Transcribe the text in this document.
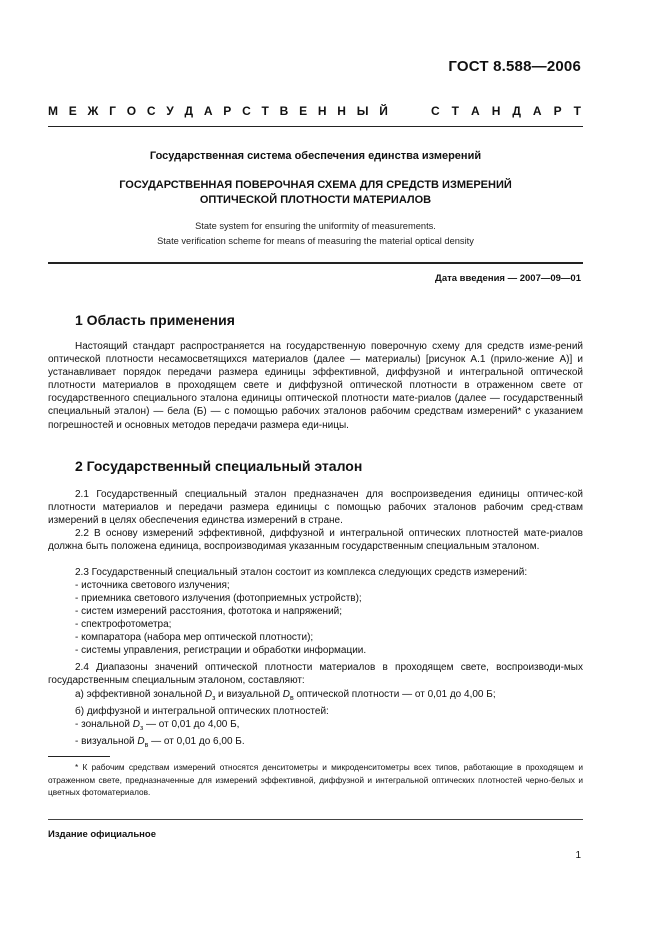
ГОСТ 8.588—2006
М Е Ж Г О С У Д А Р С Т В Е Н Н Ы Й	С Т А Н Д А Р Т
Государственная система обеспечения единства измерений
ГОСУДАРСТВЕННАЯ ПОВЕРОЧНАЯ СХЕМА ДЛЯ СРЕДСТВ ИЗМЕРЕНИЙ
ОПТИЧЕСКОЙ ПЛОТНОСТИ МАТЕРИАЛОВ
State system for ensuring the uniformity of measurements.
State verification scheme for means of measuring the material optical density
Дата введения — 2007—09—01
1 Область применения
Настоящий стандарт распространяется на государственную поверочную схему для средств изме-рений оптической плотности несамосветящихся материалов (далее — материалы) [рисунок А.1 (прило-жение А)] и устанавливает порядок передачи размера единицы эффективной, диффузной и интегральной оптической плотности материалов в проходящем свете и диффузной оптической плотности в отраженном свете от государственного специального эталона единицы оптической плотности мате-риалов (далее — государственный специальный эталон) — бела (Б) — с помощью рабочих эталонов рабочим средствам измерений* с указанием погрешностей и основных методов передачи размера еди-ницы.
2 Государственный специальный эталон
2.1 Государственный специальный эталон предназначен для воспроизведения единицы оптичес-кой плотности материалов и передачи размера единицы с помощью рабочих эталонов рабочим сред-ствам измерений в целях обеспечения единства измерений в стране.
2.2 В основу измерений эффективной, диффузной и интегральной оптических плотностей мате-риалов должна быть положена единица, воспроизводимая указанным государственным специальным эталоном.
2.3 Государственный специальный эталон состоит из комплекса следующих средств измерений:
- источника светового излучения;
- приемника светового излучения (фотоприемных устройств);
- систем измерений расстояния, фототока и напряжений;
- спектрофотометра;
- компаратора (набора мер оптической плотности);
- системы управления, регистрации и обработки информации.
2.4 Диапазоны значений оптической плотности материалов в проходящем свете, воспроизводи-мых государственным специальным эталоном, составляют:
а) эффективной зональной $D_з$ и визуальной $D_в$ оптической плотности — от 0,01 до 4,00 Б;
б) диффузной и интегральной оптических плотностей:
- зональной $D_з$ — от 0,01 до 4,00 Б,
- визуальной $D_в$ — от 0,01 до 6,00 Б.
* К рабочим средствам измерений относятся денситометры и микроденситометры всех типов, работающие в проходящем и отраженном свете, предназначенные для измерений эффективной, диффузной и интегральной оптических плотностей черно-белых и цветных фотоматериалов.
Издание официальное
1
